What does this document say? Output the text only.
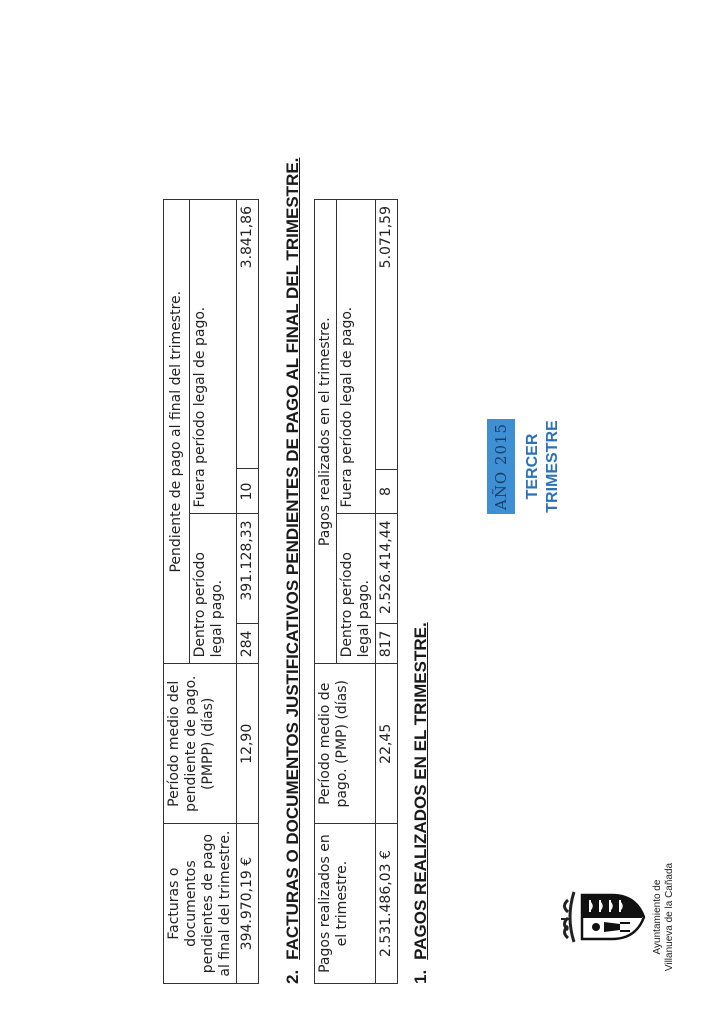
Ayuntamiento de Villanueva de la Cañada
AÑO 2015 TERCER TRIMESTRE
1.PAGOS REALIZADOS EN EL TRIMESTRE.
Pagos realizados en el trimestre.	Período medio de pago. (PMP) (días)	Pagos realizados en el trimestre.			
		Dentro período legal pago.		Fuera período legal de pago.	
2.531.486,03 €	22,45	817	2.526.414,44	8	5.071,59
2.FACTURAS O DOCUMENTOS JUSTIFICATIVOS PENDIENTES DE PAGO AL FINAL DEL TRIMESTRE.
Facturas o documentos pendientes de pago al final del trimestre.	Período medio del pendiente de pago. (PMPP) (días)	Pendiente de pago al final del trimestre.			
		Dentro período legal pago.		Fuera período legal de pago.	
394.970,19 €	12,90	284	391.128,33	10	3.841,86
